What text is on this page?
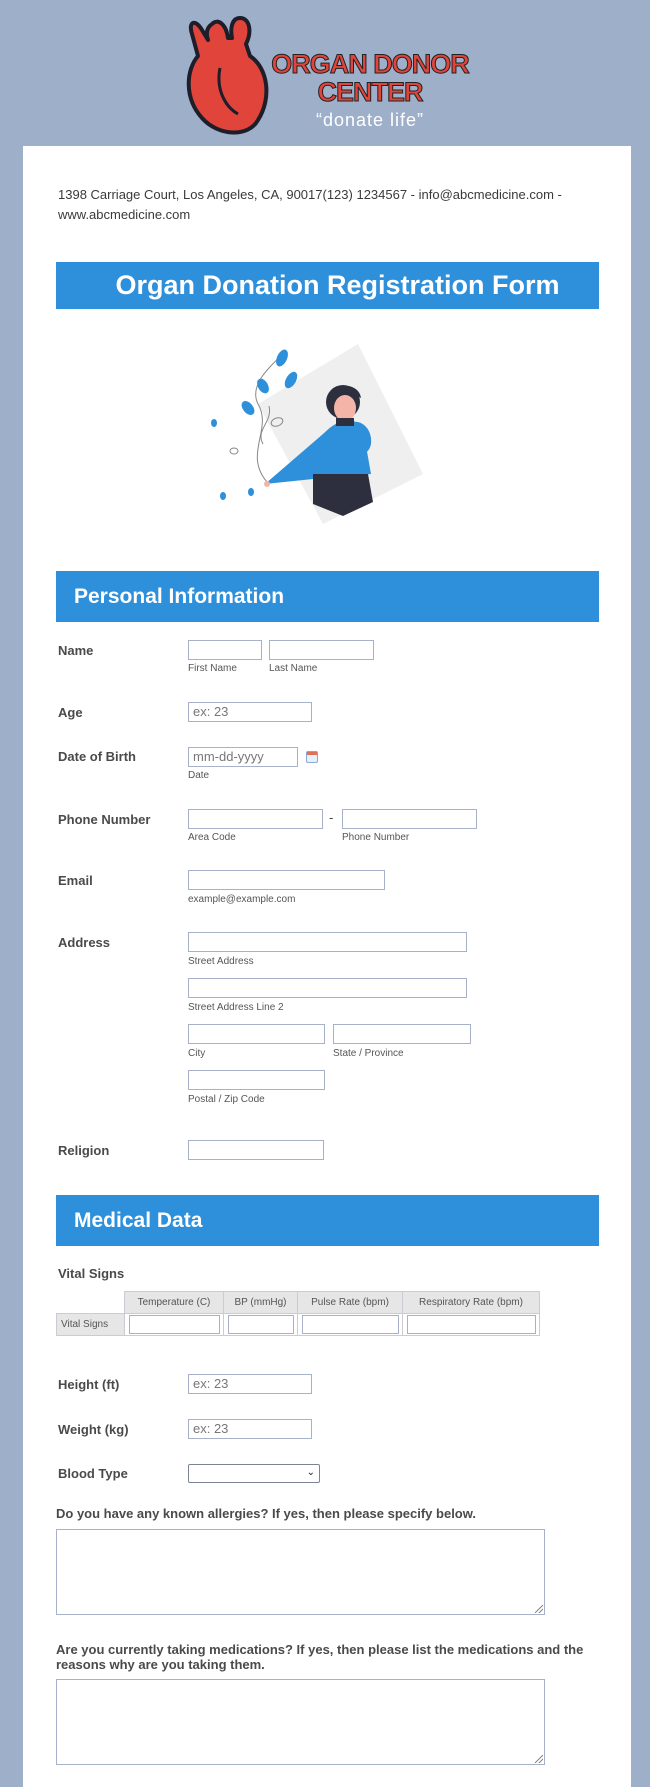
ORGAN DONOR
CENTER
“donate life”
1398 Carriage Court, Los Angeles, CA, 90017(123) 1234567 - info@abcmedicine.com - www.abcmedicine.com
Organ Donation Registration Form
Personal Information
Name
First Name	Last Name
Age	ex: 23
Date of Birth	mm-dd-yyyy
Date
Phone Number
Area Code
-
Phone Number
Email
example@example.com
Address
Street Address
Street Address Line 2
City	State / Province
Postal / Zip Code
Religion
Medical Data
Vital Signs
	Temperature (C)	BP (mmHg)	Pulse Rate (bpm)	Respiratory Rate (bpm)
Vital Signs	

Height (ft)	ex: 23
Weight (kg)	ex: 23
Blood Type	⌄
Do you have any known allergies? If yes, then please specify below.
Are you currently taking medications? If yes, then please list the medications and the reasons why are you taking them.
